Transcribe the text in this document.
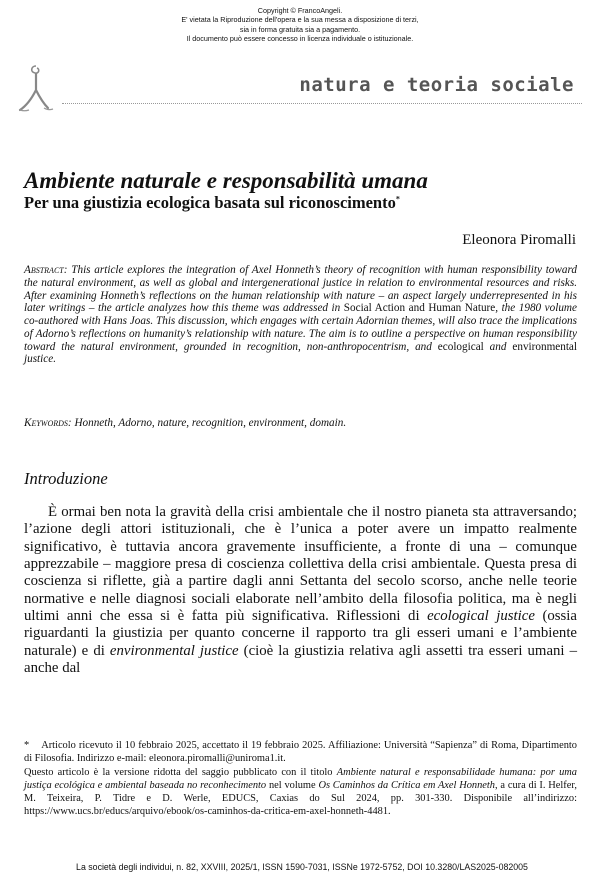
Copyright © FrancoAngeli.
E' vietata la Riproduzione dell'opera e la sua messa a disposizione di terzi,
sia in forma gratuita sia a pagamento.
Il documento può essere concesso in licenza individuale o istituzionale.
natura e teoria sociale
Ambiente naturale e responsabilità umana
Per una giustizia ecologica basata sul riconoscimento*
Eleonora Piromalli

Abstract: This article explores the integration of Axel Honneth’s theory of recognition with human responsibility toward the natural environment, as well as global and intergenerational justice in relation to environmental resources and risks. After examining Honneth’s reflections on the human relationship with nature – an aspect largely underrepresented in his later writings – the article analyzes how this theme was addressed in Social Action and Human Nature, the 1980 volume co-authored with Hans Joas. This discussion, which engages with certain Adornian themes, will also trace the implications of Adorno’s reflections on humanity’s relationship with nature. The aim is to outline a perspective on human responsibility toward the natural environment, grounded in recognition, non-anthropocentrism, and ecological and environmental justice.

Keywords: Honneth, Adorno, nature, recognition, environment, domain.

Introduzione

È ormai ben nota la gravità della crisi ambientale che il nostro pianeta sta attraversando; l’azione degli attori istituzionali, che è l’unica a poter avere un impatto realmente significativo, è tuttavia ancora gravemente insufficiente, a fronte di una – comunque apprezzabile – maggiore presa di coscienza collettiva della crisi ambientale. Questa presa di coscienza si riflette, già a partire dagli anni Settanta del secolo scorso, anche nelle teorie normative e nelle diagnosi sociali elaborate nell’ambito della filosofia politica, ma è negli ultimi anni che essa si è fatta più significativa. Riflessioni di ecological justice (ossia riguardanti la giustizia per quanto concerne il rapporto tra gli esseri umani e l’ambiente naturale) e di environmental justice (cioè la giustizia relativa agli assetti tra esseri umani – anche dal

* Articolo ricevuto il 10 febbraio 2025, accettato il 19 febbraio 2025. Affiliazione: Università “Sapienza” di Roma, Dipartimento di Filosofia. Indirizzo e-mail: eleonora.piromalli@uniroma1.it.

Questo articolo è la versione ridotta del saggio pubblicato con il titolo Ambiente natural e responsabilidade humana: por uma justiça ecológica e ambiental baseada no reconhecimento nel volume Os Caminhos da Crítica em Axel Honneth, a cura di I. Helfer, M. Teixeira, P. Tidre e D. Werle, EDUCS, Caxias do Sul 2024, pp. 301-330. Disponibile all’indirizzo: https://www.ucs.br/educs/arquivo/ebook/os-caminhos-da-critica-em-axel-honneth-4481.

La società degli individui, n. 82, XXVIII, 2025/1, ISSN 1590-7031, ISSNe 1972-5752, DOI 10.3280/LAS2025-082005
